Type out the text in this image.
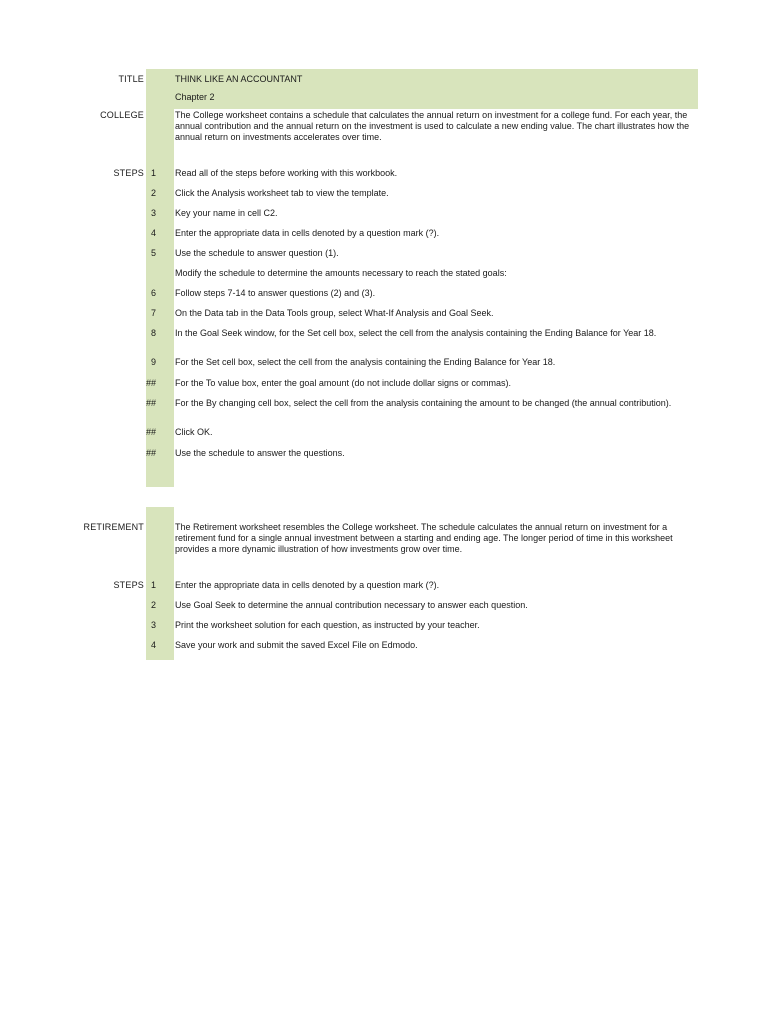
TITLE	THINK LIKE AN ACCOUNTANT
Chapter 2
COLLEGE	The College worksheet contains a schedule that calculates the annual return on investment for a college fund. For each year, the annual contribution and the annual return on the investment is used to calculate a new ending value. The chart illustrates how the annual return on investments accelerates over time.
STEPS 1 Read all of the steps before working with this workbook.
2 Click the Analysis worksheet tab to view the template.
3 Key your name in cell C2.
4 Enter the appropriate data in cells denoted by a question mark (?).
5 Use the schedule to answer question (1).
Modify the schedule to determine the amounts necessary to reach the stated goals:
6 Follow steps 7-14 to answer questions (2) and (3).
7 On the Data tab in the Data Tools group, select What-If Analysis and Goal Seek.
8 In the Goal Seek window, for the Set cell box, select the cell from the analysis containing the Ending Balance for Year 18.
9 For the Set cell box, select the cell from the analysis containing the Ending Balance for Year 18.
## For the To value box, enter the goal amount (do not include dollar signs or commas).
## For the By changing cell box, select the cell from the analysis containing the amount to be changed (the annual contribution).
## Click OK.
## Use the schedule to answer the questions.
RETIREMENT	The Retirement worksheet resembles the College worksheet. The schedule calculates the annual return on investment for a retirement fund for a single annual investment between a starting and ending age. The longer period of time in this worksheet provides a more dynamic illustration of how investments grow over time.
STEPS 1 Enter the appropriate data in cells denoted by a question mark (?).
2 Use Goal Seek to determine the annual contribution necessary to answer each question.
3 Print the worksheet solution for each question, as instructed by your teacher.
4 Save your work and submit the saved Excel File on Edmodo.
